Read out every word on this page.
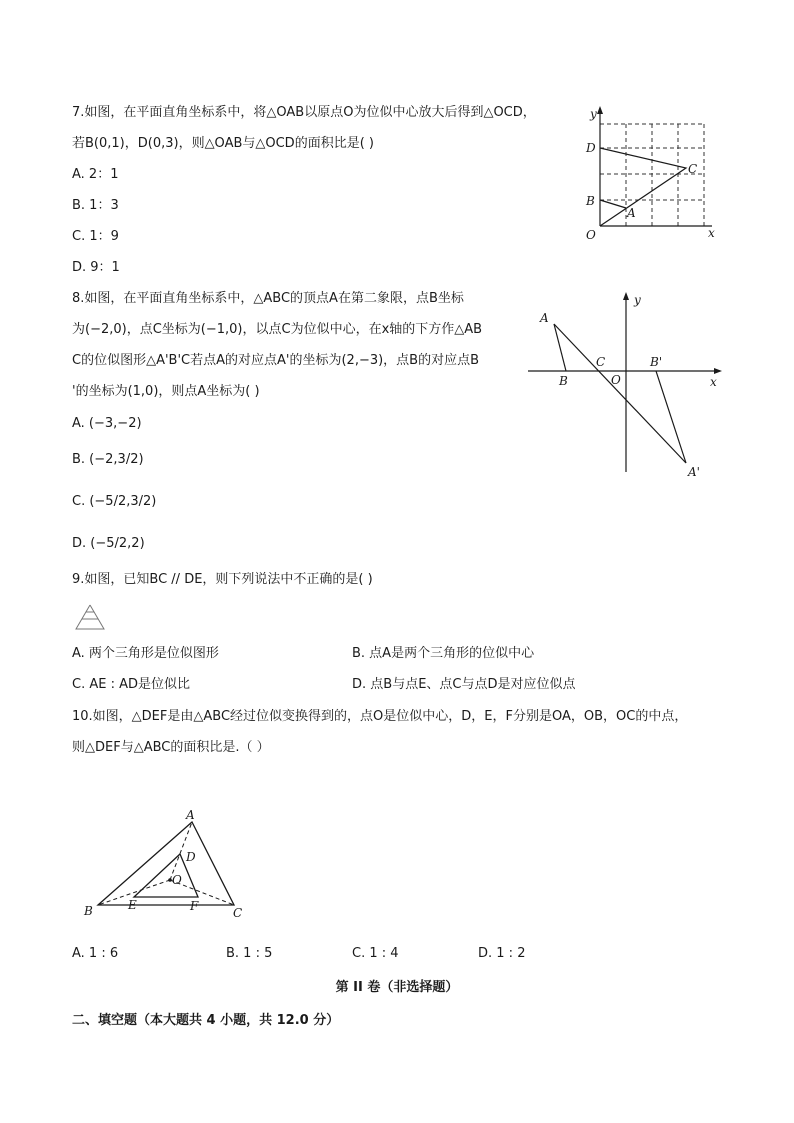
7.如图，在平面直角坐标系中，将△OAB以原点O为位似中心放大后得到△OCD，
若B(0,1)，D(0,3)，则△OAB与△OCD的面积比是( )
A. 2：1
B. 1：3
C. 1：9
D. 9：1
y
x
O
D
C
B
A
8.如图，在平面直角坐标系中，△ABC的顶点A在第二象限，点B坐标
为(−2,0)，点C坐标为(−1,0)，以点C为位似中心，在x轴的下方作△AB
C的位似图形△A'B'C若点A的对应点A'的坐标为(2,−3)，点B的对应点B
'的坐标为(1,0)，则点A坐标为( )
A. (−3,−2)
B. (−2,3/2)
C. (−5/2,3/2)
D. (−5/2,2)
y
x
A
B
C
O
B'
A'
9.如图，已知BC // DE，则下列说法中不正确的是( )
A. 两个三角形是位似图形	B. 点A是两个三角形的位似中心
C. AE : AD是位似比	D. 点B与点E、点C与点D是对应位似点
10.如图，△DEF是由△ABC经过位似变换得到的，点O是位似中心，D，E，F分别是OA，OB，OC的中点，
则△DEF与△ABC的面积比是.（ ）
A
B	C
D
E	F
O
A. 1 : 6	B. 1 : 5	C. 1 : 4	D. 1 : 2
第 II 卷（非选择题）
二、填空题（本大题共 4 小题，共 12.0 分）
